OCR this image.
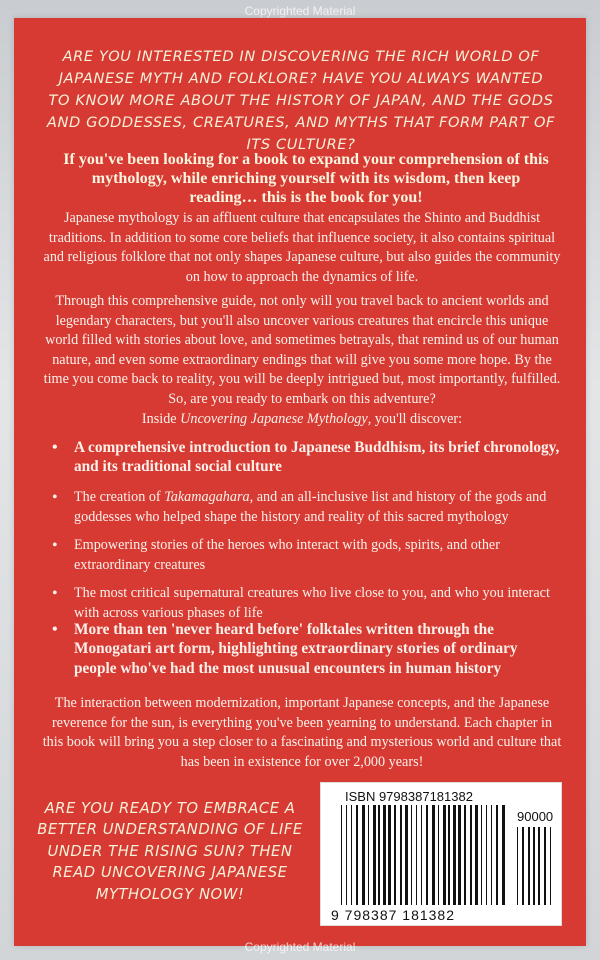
Copyrighted Material
ARE YOU INTERESTED IN DISCOVERING THE RICH WORLD OF JAPANESE MYTH AND FOLKLORE? HAVE YOU ALWAYS WANTED TO KNOW MORE ABOUT THE HISTORY OF JAPAN, AND THE GODS AND GODDESSES, CREATURES, AND MYTHS THAT FORM PART OF ITS CULTURE?
If you've been looking for a book to expand your comprehension of this mythology, while enriching yourself with its wisdom, then keep reading… this is the book for you!
Japanese mythology is an affluent culture that encapsulates the Shinto and Buddhist traditions. In addition to some core beliefs that influence society, it also contains spiritual and religious folklore that not only shapes Japanese culture, but also guides the community on how to approach the dynamics of life.
Through this comprehensive guide, not only will you travel back to ancient worlds and legendary characters, but you'll also uncover various creatures that encircle this unique world filled with stories about love, and sometimes betrayals, that remind us of our human nature, and even some extraordinary endings that will give you some more hope. By the time you come back to reality, you will be deeply intrigued but, most importantly, fulfilled. So, are you ready to embark on this adventure?
Inside Uncovering Japanese Mythology, you'll discover:
• A comprehensive introduction to Japanese Buddhism, its brief chronology, and its traditional social culture
• The creation of Takamagahara, and an all-inclusive list and history of the gods and goddesses who helped shape the history and reality of this sacred mythology
• Empowering stories of the heroes who interact with gods, spirits, and other extraordinary creatures
• The most critical supernatural creatures who live close to you, and who you interact with across various phases of life
• More than ten 'never heard before' folktales written through the Monogatari art form, highlighting extraordinary stories of ordinary people who've had the most unusual encounters in human history
The interaction between modernization, important Japanese concepts, and the Japanese reverence for the sun, is everything you've been yearning to understand. Each chapter in this book will bring you a step closer to a fascinating and mysterious world and culture that has been in existence for over 2,000 years!
ARE YOU READY TO EMBRACE A BETTER UNDERSTANDING OF LIFE UNDER THE RISING SUN? THEN READ UNCOVERING JAPANESE MYTHOLOGY NOW!
ISBN 9798387181382
90000
9 798387 181382
Copyrighted Material
